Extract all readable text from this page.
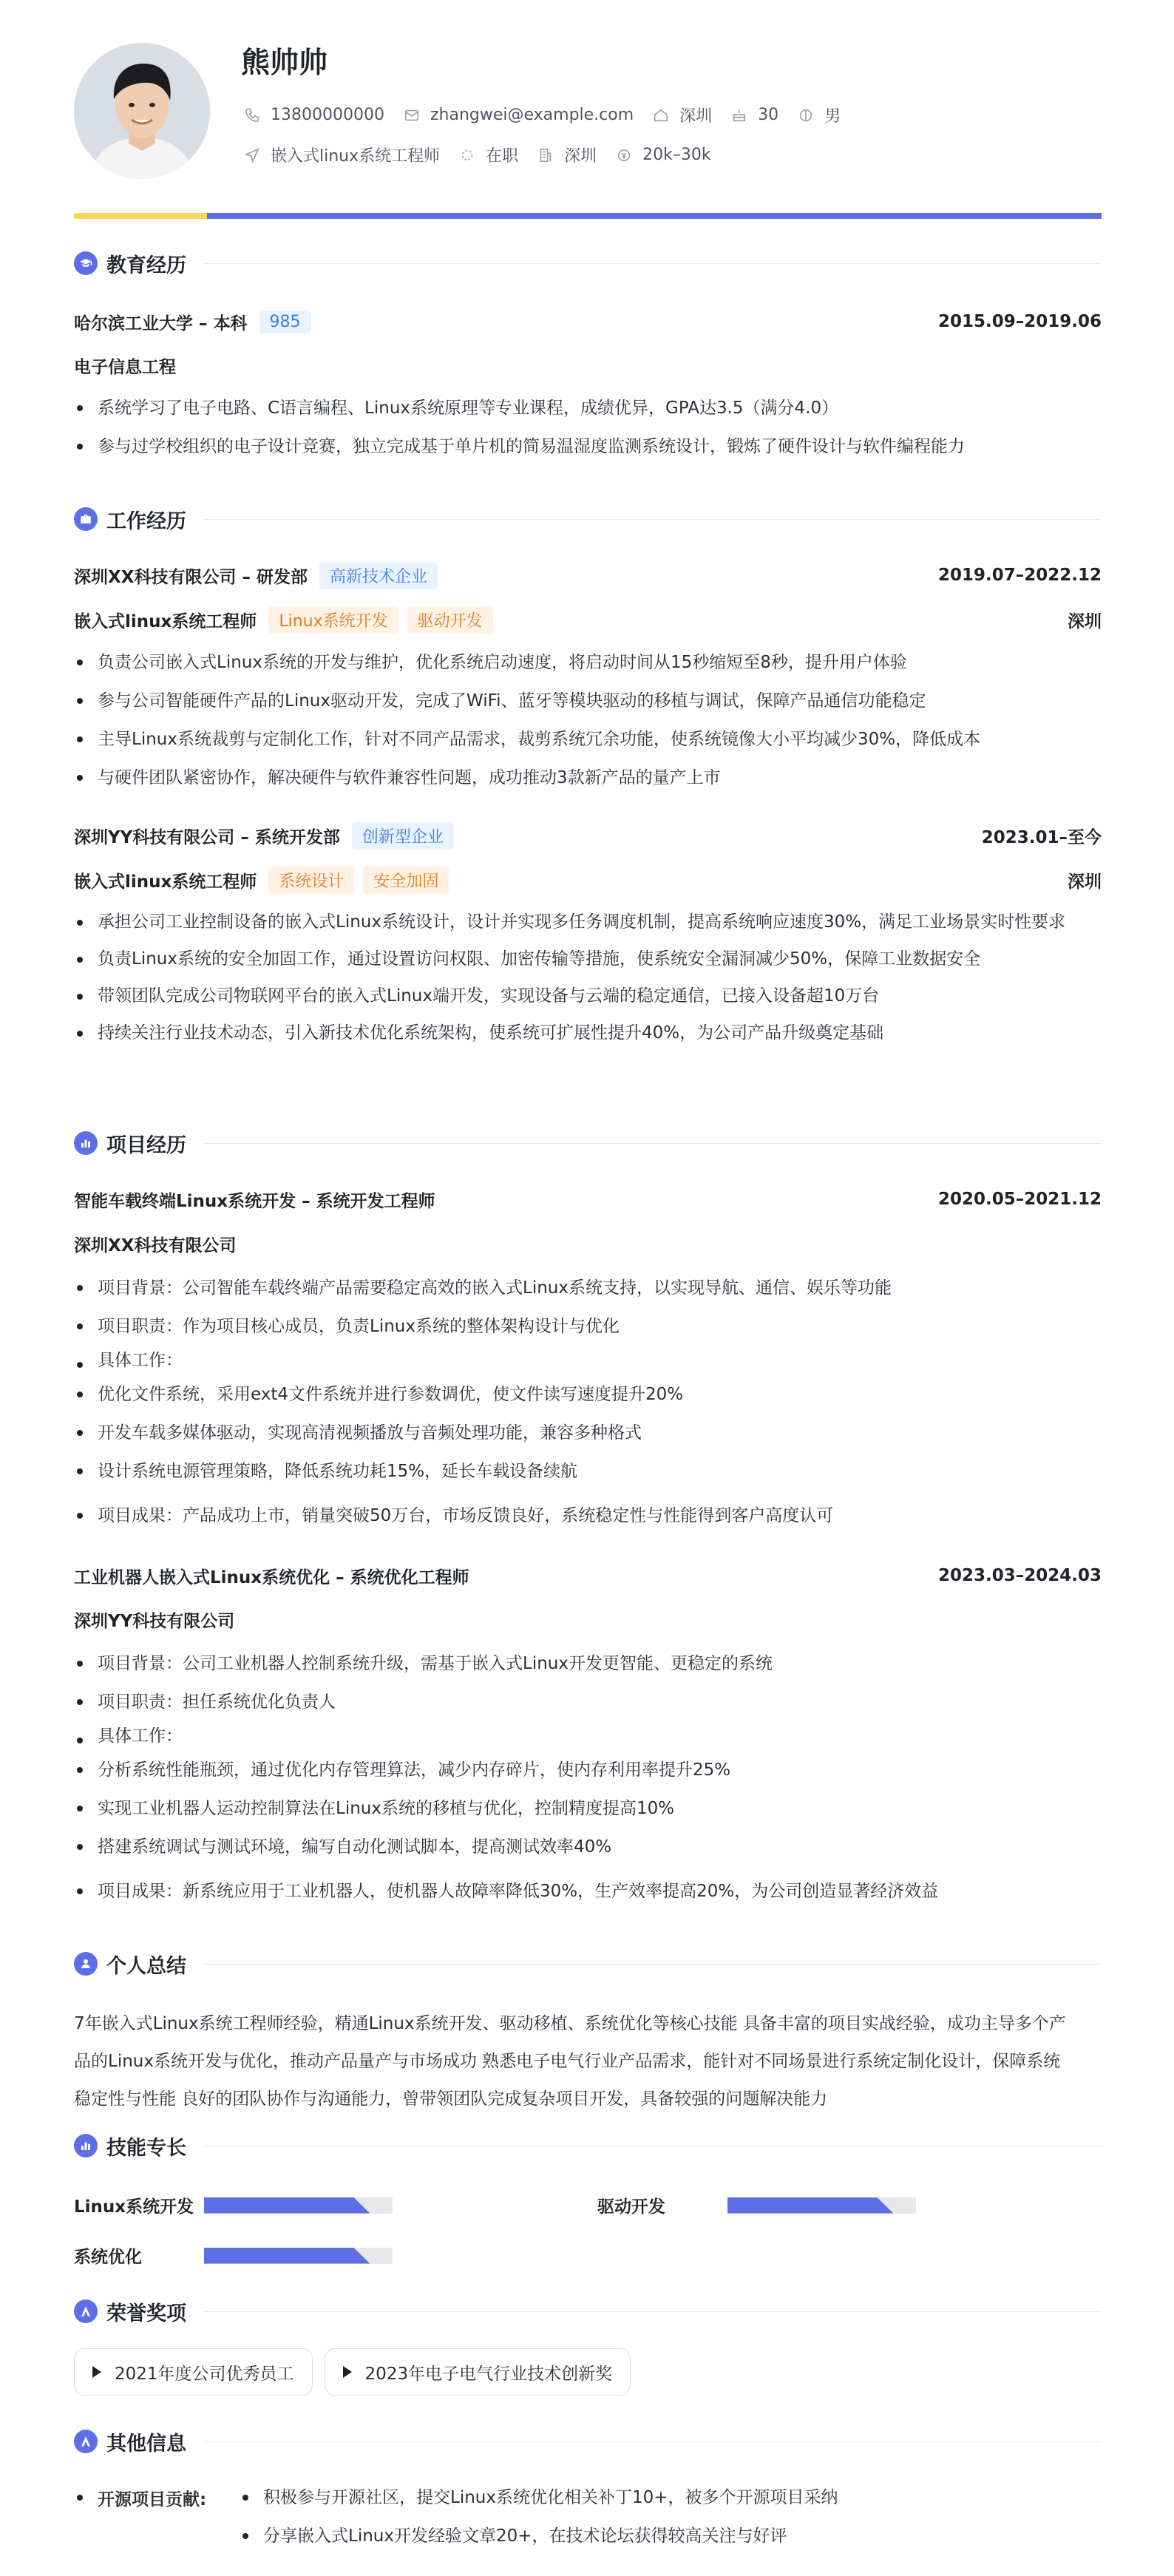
熊帅帅
13800000000	zhangwei@example.com	深圳	30	男
嵌入式linux系统工程师	在职	深圳	20k–30k
教育经历
哈尔滨工业大学 – 本科	985	2015.09–2019.06
电子信息工程
系统学习了电子电路、C语言编程、Linux系统原理等专业课程，成绩优异，GPA达3.5（满分4.0）
参与过学校组织的电子设计竞赛，独立完成基于单片机的简易温湿度监测系统设计，锻炼了硬件设计与软件编程能力
工作经历
深圳XX科技有限公司 – 研发部	高新技术企业	2019.07–2022.12
嵌入式linux系统工程师	Linux系统开发	驱动开发	深圳
负责公司嵌入式Linux系统的开发与维护，优化系统启动速度，将启动时间从15秒缩短至8秒，提升用户体验
参与公司智能硬件产品的Linux驱动开发，完成了WiFi、蓝牙等模块驱动的移植与调试，保障产品通信功能稳定
主导Linux系统裁剪与定制化工作，针对不同产品需求，裁剪系统冗余功能，使系统镜像大小平均减少30%，降低成本
与硬件团队紧密协作，解决硬件与软件兼容性问题，成功推动3款新产品的量产上市
深圳YY科技有限公司 – 系统开发部	创新型企业	2023.01–至今
嵌入式linux系统工程师	系统设计	安全加固	深圳
承担公司工业控制设备的嵌入式Linux系统设计，设计并实现多任务调度机制，提高系统响应速度30%，满足工业场景实时性要求
负责Linux系统的安全加固工作，通过设置访问权限、加密传输等措施，使系统安全漏洞减少50%，保障工业数据安全
带领团队完成公司物联网平台的嵌入式Linux端开发，实现设备与云端的稳定通信，已接入设备超10万台
持续关注行业技术动态，引入新技术优化系统架构，使系统可扩展性提升40%，为公司产品升级奠定基础
项目经历
智能车载终端Linux系统开发 – 系统开发工程师	2020.05–2021.12
深圳XX科技有限公司
项目背景：公司智能车载终端产品需要稳定高效的嵌入式Linux系统支持，以实现导航、通信、娱乐等功能
项目职责：作为项目核心成员，负责Linux系统的整体架构设计与优化
具体工作：
优化文件系统，采用ext4文件系统并进行参数调优，使文件读写速度提升20%
开发车载多媒体驱动，实现高清视频播放与音频处理功能，兼容多种格式
设计系统电源管理策略，降低系统功耗15%，延长车载设备续航
项目成果：产品成功上市，销量突破50万台，市场反馈良好，系统稳定性与性能得到客户高度认可
工业机器人嵌入式Linux系统优化 – 系统优化工程师	2023.03–2024.03
深圳YY科技有限公司
项目背景：公司工业机器人控制系统升级，需基于嵌入式Linux开发更智能、更稳定的系统
项目职责：担任系统优化负责人
具体工作：
分析系统性能瓶颈，通过优化内存管理算法，减少内存碎片，使内存利用率提升25%
实现工业机器人运动控制算法在Linux系统的移植与优化，控制精度提高10%
搭建系统调试与测试环境，编写自动化测试脚本，提高测试效率40%
项目成果：新系统应用于工业机器人，使机器人故障率降低30%，生产效率提高20%，为公司创造显著经济效益
个人总结
7年嵌入式Linux系统工程师经验，精通Linux系统开发、驱动移植、系统优化等核心技能 具备丰富的项目实战经验，成功主导多个产
品的Linux系统开发与优化，推动产品量产与市场成功 熟悉电子电气行业产品需求，能针对不同场景进行系统定制化设计，保障系统
稳定性与性能 良好的团队协作与沟通能力，曾带领团队完成复杂项目开发，具备较强的问题解决能力
技能专长
Linux系统开发	驱动开发
系统优化
荣誉奖项
2021年度公司优秀员工	2023年电子电气行业技术创新奖
其他信息
开源项目贡献:	积极参与开源社区，提交Linux系统优化相关补丁10+，被多个开源项目采纳
分享嵌入式Linux开发经验文章20+，在技术论坛获得较高关注与好评
